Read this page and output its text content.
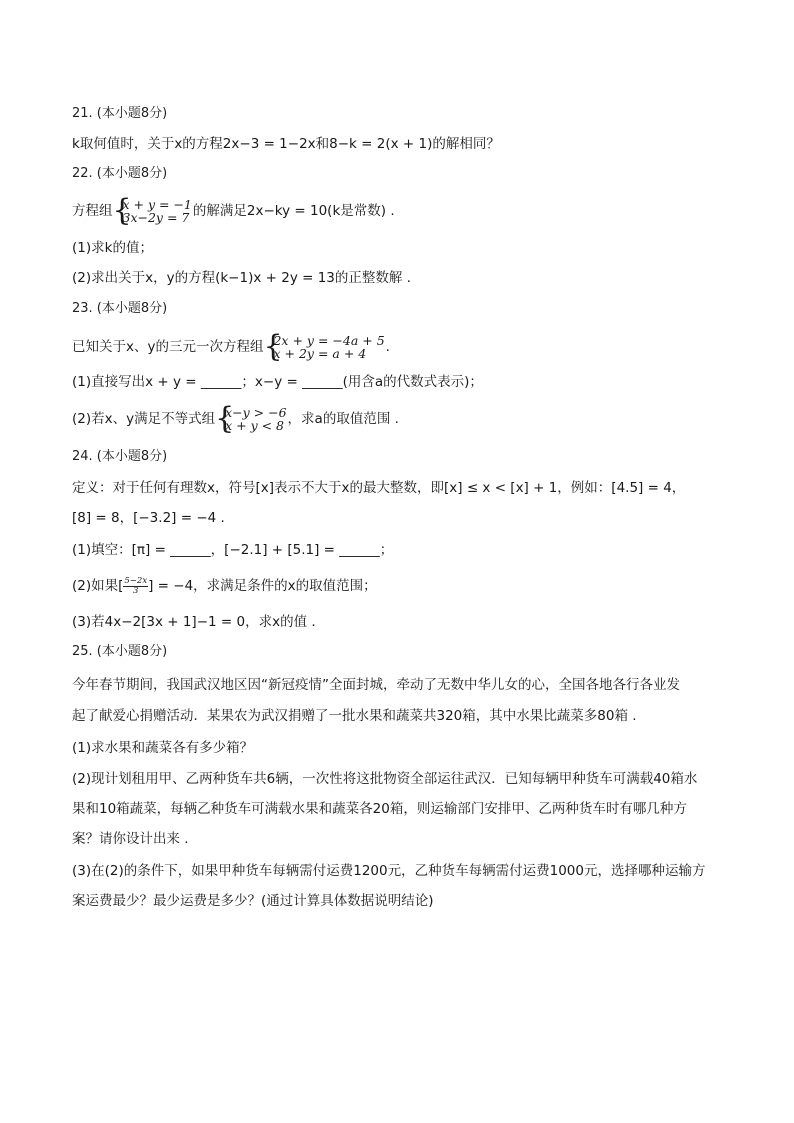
21. (本小题8分)
k取何值时，关于x的方程2x−3 = 1−2x和8−k = 2(x + 1)的解相同？
22. (本小题8分)
方程组 { x + y = −1
3x−2y = 7 的解满足2x−ky = 10(k是常数) .
(1)求k的值；
(2)求出关于x，y的方程(k−1)x + 2y = 13的正整数解 .
23. (本小题8分)
已知关于x、y的三元一次方程组 { 2x + y = −4a + 5
x + 2y = a + 4	.
(1)直接写出x + y = ______；x−y = ______(用含a的代数式表示)；
(2)若x、y满足不等式组 { x−y > −6
x + y < 8 ，求a的取值范围 .
24. (本小题8分)
定义：对于任何有理数x，符号[x]表示不大于x的最大整数，即[x] ≤ x < [x] + 1，例如：[4.5] = 4，
[8] = 8，[−3.2] = −4 .
(1)填空：[π] = ______，[−2.1] + [5.1] = ______；
(2)如果[ $\frac{5-2x}{3}$ ] = −4，求满足条件的x的取值范围；
(3)若4x−2[3x + 1]−1 = 0，求x的值 .
25. (本小题8分)
今年春节期间，我国武汉地区因“新冠疫情”全面封城，牵动了无数中华儿女的心，全国各地各行各业发
起了献爱心捐赠活动．某果农为武汉捐赠了一批水果和蔬菜共320箱，其中水果比蔬菜多80箱 .
(1)求水果和蔬菜各有多少箱？
(2)现计划租用甲、乙两种货车共6辆，一次性将这批物资全部运往武汉．已知每辆甲种货车可满载40箱水
果和10箱蔬菜，每辆乙种货车可满载水果和蔬菜各20箱，则运输部门安排甲、乙两种货车时有哪几种方
案？请你设计出来 .
(3)在(2)的条件下，如果甲种货车每辆需付运费1200元，乙种货车每辆需付运费1000元，选择哪种运输方
案运费最少？最少运费是多少？(通过计算具体数据说明结论)
